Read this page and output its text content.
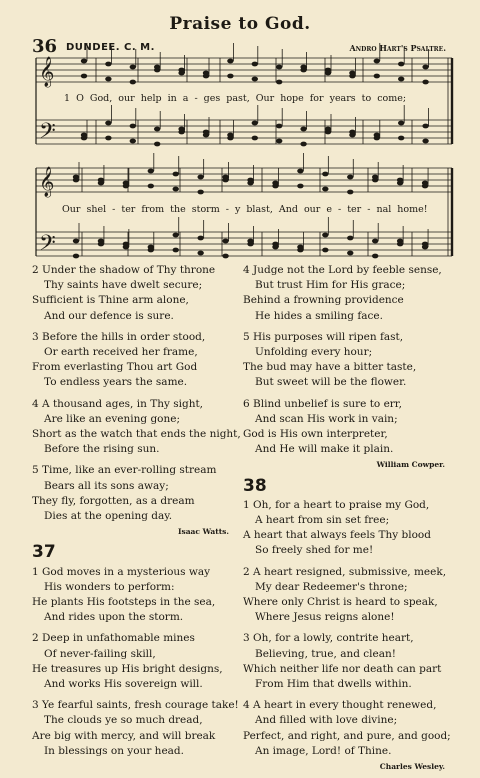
Praise to God.
36 DUNDEE. C. M.	Andro Hart's Psaltre.
𝄞
𝄢
𝄞
𝄢
1 O God, our help in a - ges past, Our hope for years to come;
Our shel - ter from the storm - y blast, And our e - ter - nal home!
2 Under the shadow of Thy throne
Thy saints have dwelt secure;
Sufficient is Thine arm alone,
And our defence is sure.
3 Before the hills in order stood,
Or earth received her frame,
From everlasting Thou art God
To endless years the same.
4 A thousand ages, in Thy sight,
Are like an evening gone;
Short as the watch that ends the night,
Before the rising sun.
5 Time, like an ever-rolling stream
Bears all its sons away;
They fly, forgotten, as a dream
Dies at the opening day.
Isaac Watts.
37
1 God moves in a mysterious way
His wonders to perform:
He plants His footsteps in the sea,
And rides upon the storm.
2 Deep in unfathomable mines
Of never-failing skill,
He treasures up His bright designs,
And works His sovereign will.
3 Ye fearful saints, fresh courage take!
The clouds ye so much dread,
Are big with mercy, and will break
In blessings on your head.
4 Judge not the Lord by feeble sense,
But trust Him for His grace;
Behind a frowning providence
He hides a smiling face.
5 His purposes will ripen fast,
Unfolding every hour;
The bud may have a bitter taste,
But sweet will be the flower.
6 Blind unbelief is sure to err,
And scan His work in vain;
God is His own interpreter,
And He will make it plain.
William Cowper.
38
1 Oh, for a heart to praise my God,
A heart from sin set free;
A heart that always feels Thy blood
So freely shed for me!
2 A heart resigned, submissive, meek,
My dear Redeemer's throne;
Where only Christ is heard to speak,
Where Jesus reigns alone!
3 Oh, for a lowly, contrite heart,
Believing, true, and clean!
Which neither life nor death can part
From Him that dwells within.
4 A heart in every thought renewed,
And filled with love divine;
Perfect, and right, and pure, and good;
An image, Lord! of Thine.
Charles Wesley.
